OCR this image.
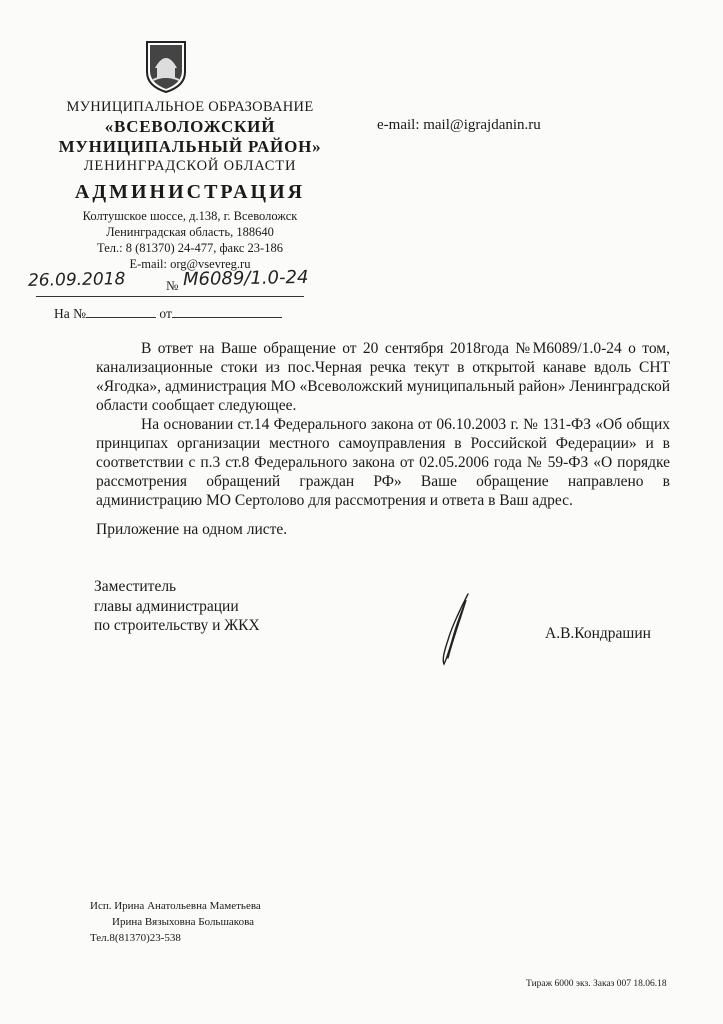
МУНИЦИПАЛЬНОЕ ОБРАЗОВАНИЕ
«ВСЕВОЛОЖСКИЙ
МУНИЦИПАЛЬНЫЙ РАЙОН»
ЛЕНИНГРАДСКОЙ ОБЛАСТИ
АДМИНИСТРАЦИЯ
Колтушское шоссе, д.138, г. Всеволожск
Ленинградская область, 188640
Тел.: 8 (81370) 24-477, факс 23-186
E-mail: org@vsevreg.ru
e-mail: mail@igrajdanin.ru
26.09.2018	№ М6089/1.0-24
На №	от

В ответ на Ваше обращение от 20 сентября 2018года №М6089/1.0-24 о том, канализационные стоки из пос.Черная речка текут в открытой канаве вдоль СНТ «Ягодка», администрация МО «Всеволожский муниципальный район» Ленинградской области сообщает следующее.

На основании ст.14 Федерального закона от 06.10.2003 г. № 131-ФЗ «Об общих принципах организации местного самоуправления в Российской Федерации» и в соответствии с п.3 ст.8 Федерального закона от 02.05.2006 года № 59-ФЗ «О порядке рассмотрения обращений граждан РФ» Ваше обращение направлено в администрацию МО Сертолово для рассмотрения и ответа в Ваш адрес.

Приложение на одном листе.

Заместитель
главы администрации
по строительству и ЖКХ	А.В.Кондрашин
Исп. Ирина Анатольевна Маметьева
Ирина Вязыховна Большакова
Тел.8(81370)23-538
Тираж 6000 экз. Заказ 007 18.06.18
